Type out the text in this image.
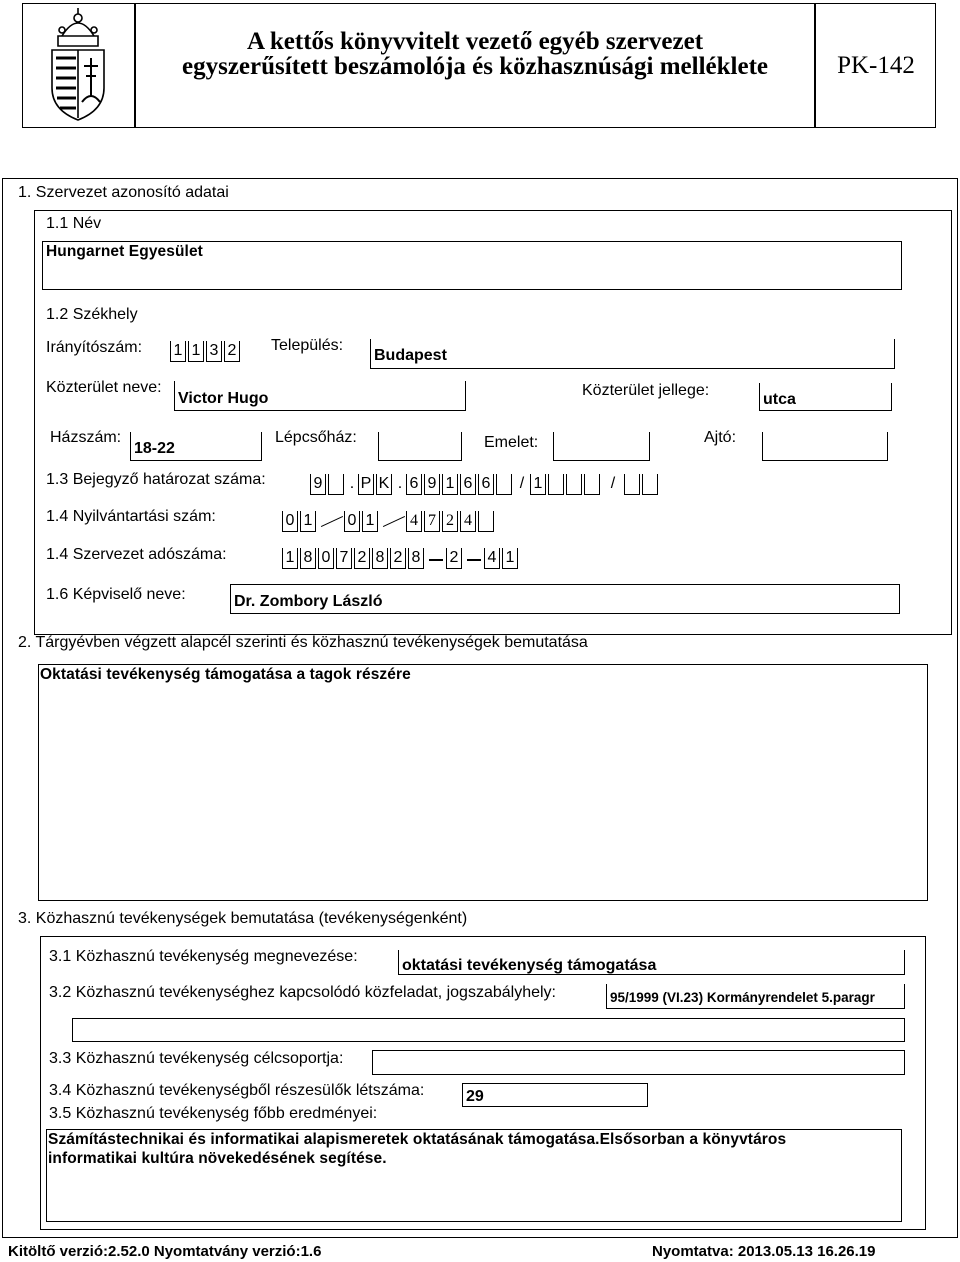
A kettős könyvvitelt vezető egyéb szervezet
egyszerűsített beszámolója és közhasznúsági melléklete	PK-142
1. Szervezet azonosító adatai
1.1 Név
Hungarnet Egyesület
1.2 Székhely
Irányítószám: 1 1 3 2 Település:
Budapest
Közterület neve:
Victor Hugo	Közterület jellege:
utca
Házszám:
18-22
Lépcsőház:	Emelet:	Ajtó:
1.3 Bejegyző határozat száma:	9 . P K . 6 9 1 6 6	/ 1	/
1.4 Nyilvántartási szám:	0 1 0 1 4 7 2 4
1.4 Szervezet adószáma:	1 8 0 7 2 8 2 8 2 4 1
1.6 Képviselő neve:	Dr. Zombory László
2. Tárgyévben végzett alapcél szerinti és közhasznú tevékenységek bemutatása
Oktatási tevékenység támogatása a tagok részére
3. Közhasznú tevékenységek bemutatása (tevékenységenként)
3.1 Közhasznú tevékenység megnevezése:
oktatási tevékenység támogatása
3.2 Közhasznú tevékenységhez kapcsolódó közfeladat, jogszabályhely:	95/1999 (VI.23) Kormányrendelet 5.paragr
3.3 Közhasznú tevékenység célcsoportja:
3.4 Közhasznú tevékenységből részesülők létszáma:	29
3.5 Közhasznú tevékenység főbb eredményei:
Számítástechnikai és informatikai alapismeretek oktatásának támogatása.Elsősorban a könyvtáros
informatikai kultúra növekedésének segítése.
Kitöltő verzió:2.52.0 Nyomtatvány verzió:1.6	Nyomtatva: 2013.05.13 16.26.19
